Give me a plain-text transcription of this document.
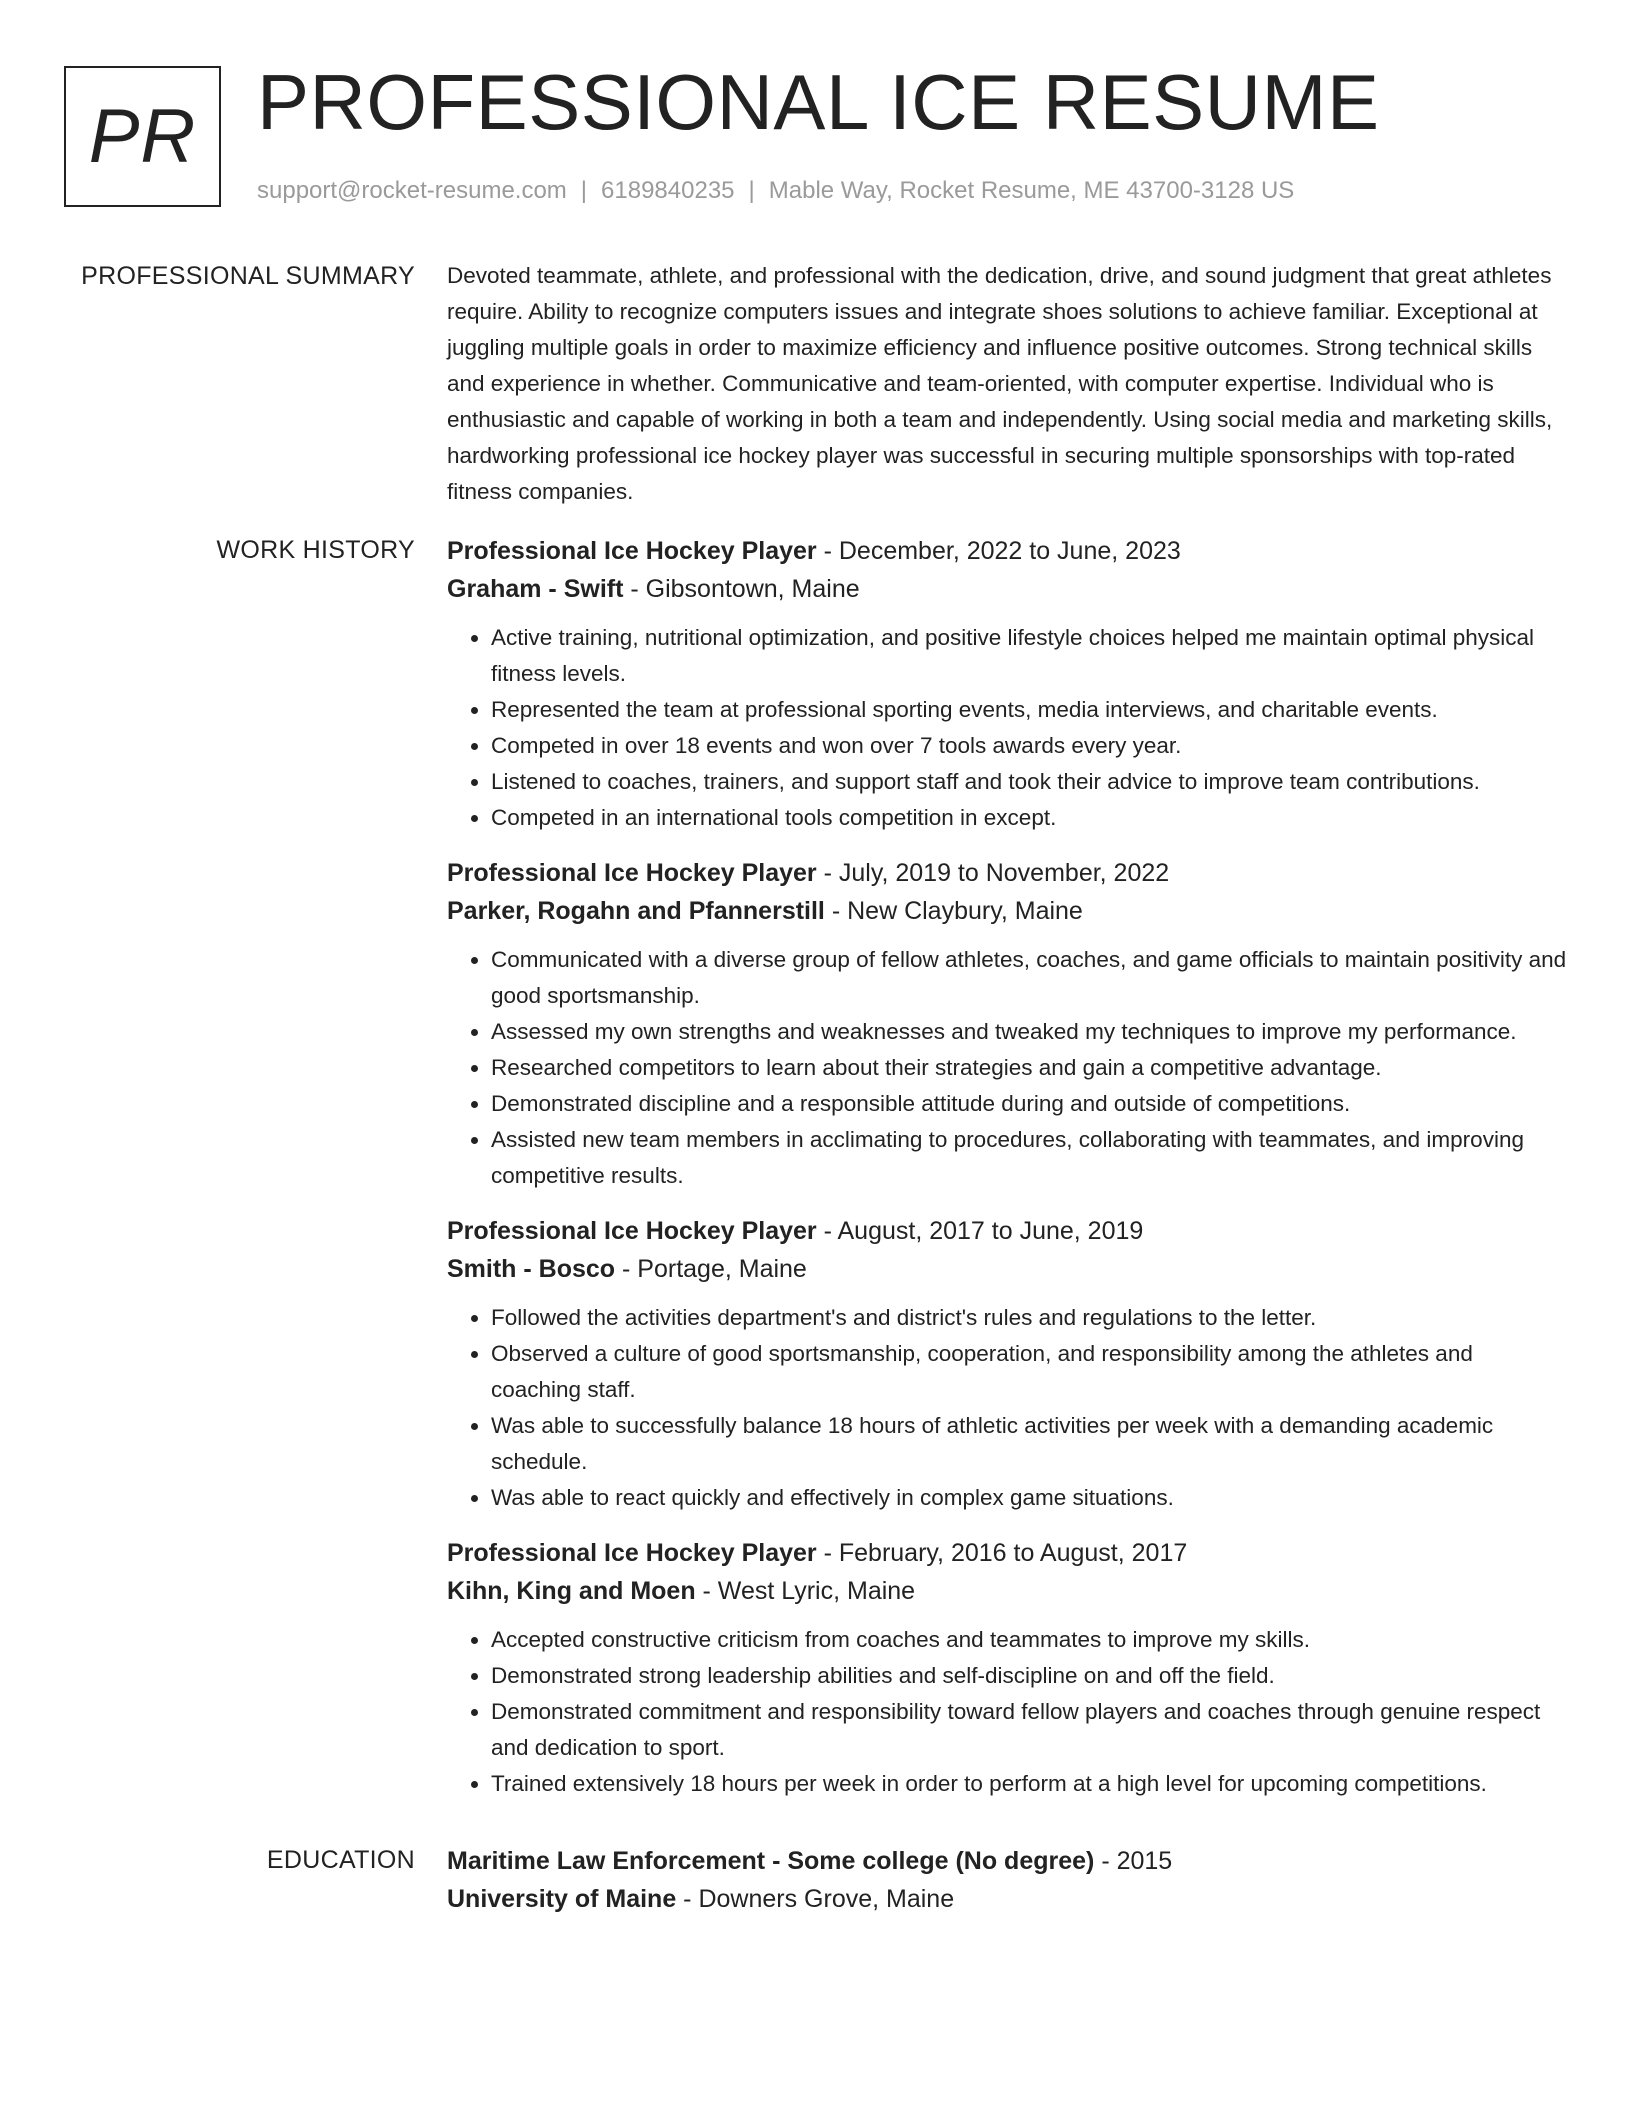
PR PROFESSIONAL ICE RESUME
support@rocket-resume.com | 6189840235 | Mable Way, Rocket Resume, ME 43700-3128 US
PROFESSIONAL SUMMARY Devoted teammate, athlete, and professional with the dedication, drive, and sound judgment that great athletes require. Ability to recognize computers issues and integrate shoes solutions to achieve familiar. Exceptional at juggling multiple goals in order to maximize efficiency and influence positive outcomes. Strong technical skills and experience in whether. Communicative and team-oriented, with computer expertise. Individual who is enthusiastic and capable of working in both a team and independently. Using social media and marketing skills, hardworking professional ice hockey player was successful in securing multiple sponsorships with top-rated fitness companies.

WORK HISTORY Professional Ice Hockey Player - December, 2022 to June, 2023
Graham - Swift - Gibsontown, Maine
• Active training, nutritional optimization, and positive lifestyle choices helped me maintain optimal physical fitness levels.
• Represented the team at professional sporting events, media interviews, and charitable events.
• Competed in over 18 events and won over 7 tools awards every year.
• Listened to coaches, trainers, and support staff and took their advice to improve team contributions.
• Competed in an international tools competition in except.
Professional Ice Hockey Player - July, 2019 to November, 2022
Parker, Rogahn and Pfannerstill - New Claybury, Maine
• Communicated with a diverse group of fellow athletes, coaches, and game officials to maintain positivity and good sportsmanship.
• Assessed my own strengths and weaknesses and tweaked my techniques to improve my performance.
• Researched competitors to learn about their strategies and gain a competitive advantage.
• Demonstrated discipline and a responsible attitude during and outside of competitions.
• Assisted new team members in acclimating to procedures, collaborating with teammates, and improving competitive results.
Professional Ice Hockey Player - August, 2017 to June, 2019
Smith - Bosco - Portage, Maine
• Followed the activities department's and district's rules and regulations to the letter.
• Observed a culture of good sportsmanship, cooperation, and responsibility among the athletes and coaching staff.
• Was able to successfully balance 18 hours of athletic activities per week with a demanding academic schedule.
• Was able to react quickly and effectively in complex game situations.
Professional Ice Hockey Player - February, 2016 to August, 2017
Kihn, King and Moen - West Lyric, Maine
• Accepted constructive criticism from coaches and teammates to improve my skills.
• Demonstrated strong leadership abilities and self-discipline on and off the field.
• Demonstrated commitment and responsibility toward fellow players and coaches through genuine respect and dedication to sport.
• Trained extensively 18 hours per week in order to perform at a high level for upcoming competitions.
EDUCATION Maritime Law Enforcement - Some college (No degree) - 2015
University of Maine - Downers Grove, Maine
